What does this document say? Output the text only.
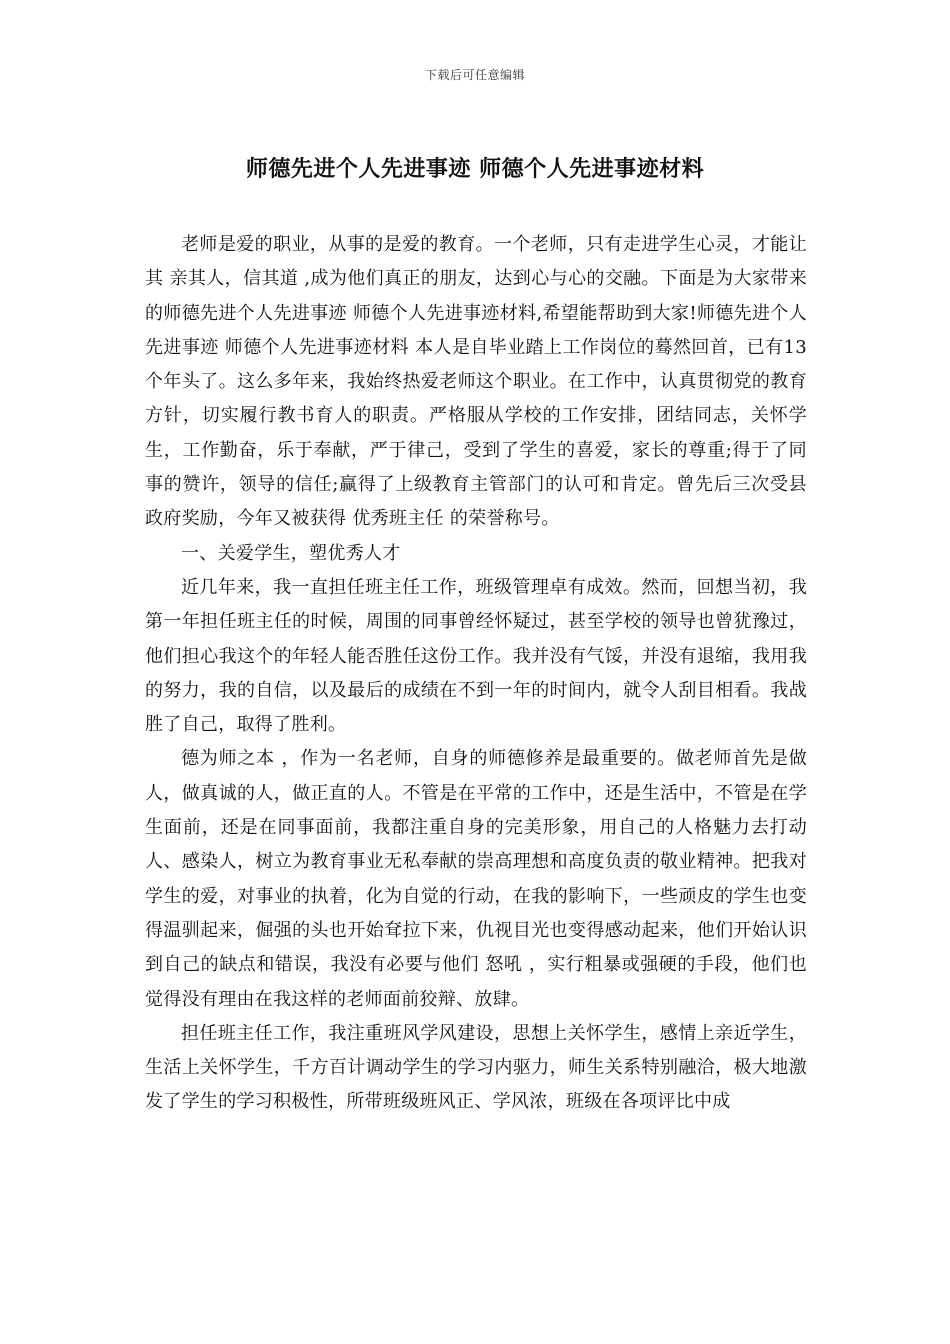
下载后可任意编辑
师德先进个人先进事迹 师德个人先进事迹材料

老师是爱的职业，从事的是爱的教育。一个老师，只有走进学生心灵，才能让其 亲其人，信其道 ,成为他们真正的朋友，达到心与心的交融。下面是为大家带来的师德先进个人先进事迹 师德个人先进事迹材料,希望能帮助到大家!师德先进个人先进事迹 师德个人先进事迹材料 本人是自毕业踏上工作岗位的蓦然回首，已有13个年头了。这么多年来，我始终热爱老师这个职业。在工作中，认真贯彻党的教育方针，切实履行教书育人的职责。严格服从学校的工作安排，团结同志，关怀学生，工作勤奋，乐于奉献，严于律己，受到了学生的喜爱，家长的尊重;得于了同事的赞许，领导的信任;赢得了上级教育主管部门的认可和肯定。曾先后三次受县政府奖励，今年又被获得 优秀班主任 的荣誉称号。

一、关爱学生，塑优秀人才

近几年来，我一直担任班主任工作，班级管理卓有成效。然而，回想当初，我第一年担任班主任的时候，周围的同事曾经怀疑过，甚至学校的领导也曾犹豫过，他们担心我这个的年轻人能否胜任这份工作。我并没有气馁，并没有退缩，我用我的努力，我的自信，以及最后的成绩在不到一年的时间内，就令人刮目相看。我战胜了自己，取得了胜利。

德为师之本 ，作为一名老师，自身的师德修养是最重要的。做老师首先是做人，做真诚的人，做正直的人。不管是在平常的工作中，还是生活中，不管是在学生面前，还是在同事面前，我都注重自身的完美形象，用自己的人格魅力去打动人、感染人，树立为教育事业无私奉献的崇高理想和高度负责的敬业精神。把我对学生的爱，对事业的执着，化为自觉的行动，在我的影响下，一些顽皮的学生也变得温驯起来，倔强的头也开始耷拉下来，仇视目光也变得感动起来，他们开始认识到自己的缺点和错误，我没有必要与他们 怒吼 ，实行粗暴或强硬的手段，他们也觉得没有理由在我这样的老师面前狡辩、放肆。

担任班主任工作，我注重班风学风建设，思想上关怀学生，感情上亲近学生，生活上关怀学生，千方百计调动学生的学习内驱力，师生关系特别融洽，极大地激发了学生的学习积极性，所带班级班风正、学风浓，班级在各项评比中成
